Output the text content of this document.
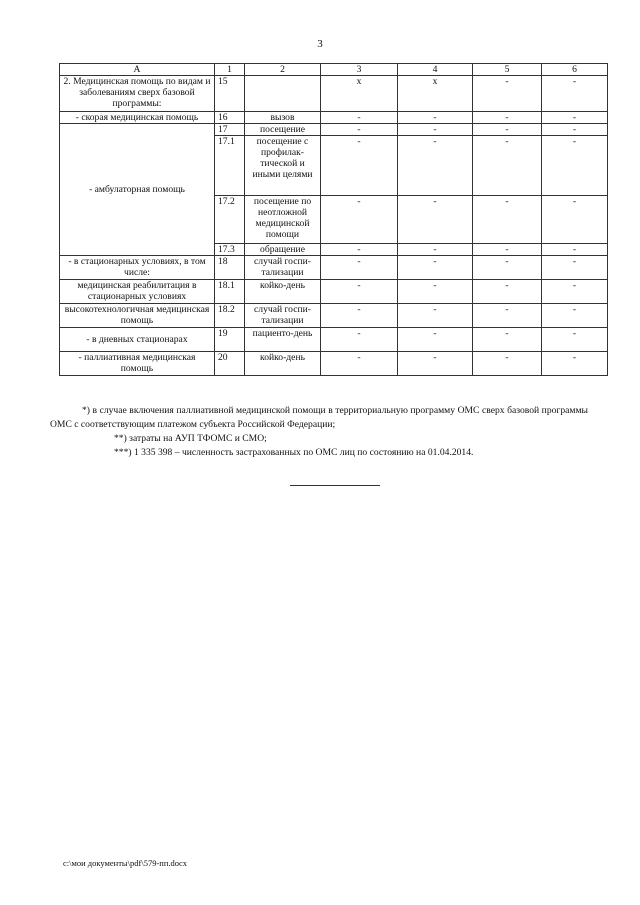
3
А	1	2	3	4	5	6
2. Медицинская помощь по видам и заболеваниям сверх базовой программы:	15		х	х	-	-
- скорая медицинская помощь	16	вызов	-	-	-	-
- амбулаторная помощь	17	посещение	-	-	-	-
	17.1	посещение с профилак-тической и иными целями	-	-	-	-
	17.2	посещение по неотложной медицинской помощи	-	-	-	-
	17.3	обращение	-	-	-	-
- в стационарных условиях, в том числе:	18	случай госпи-тализации	-	-	-	-
медицинская реабилитация в стационарных условиях	18.1	койко-день	-	-	-	-
высокотехнологичная медицинская помощь	18.2	случай госпи-тализации	-	-	-	-
- в дневных стационарах	19	пациенто-день	-	-	-	-
- паллиативная медицинская помощь	20	койко-день	-	-	-	-

*) в случае включения паллиативной медицинской помощи в территориальную программу ОМС сверх базовой программы ОМС с соответствующим платежом субъекта Российской Федерации;

**) затраты на АУП ТФОМС и СМО;

***) 1 335 398 – численность застрахованных по ОМС лиц по состоянию на 01.04.2014.

c:\мои документы\pdf\579-пп.docx
